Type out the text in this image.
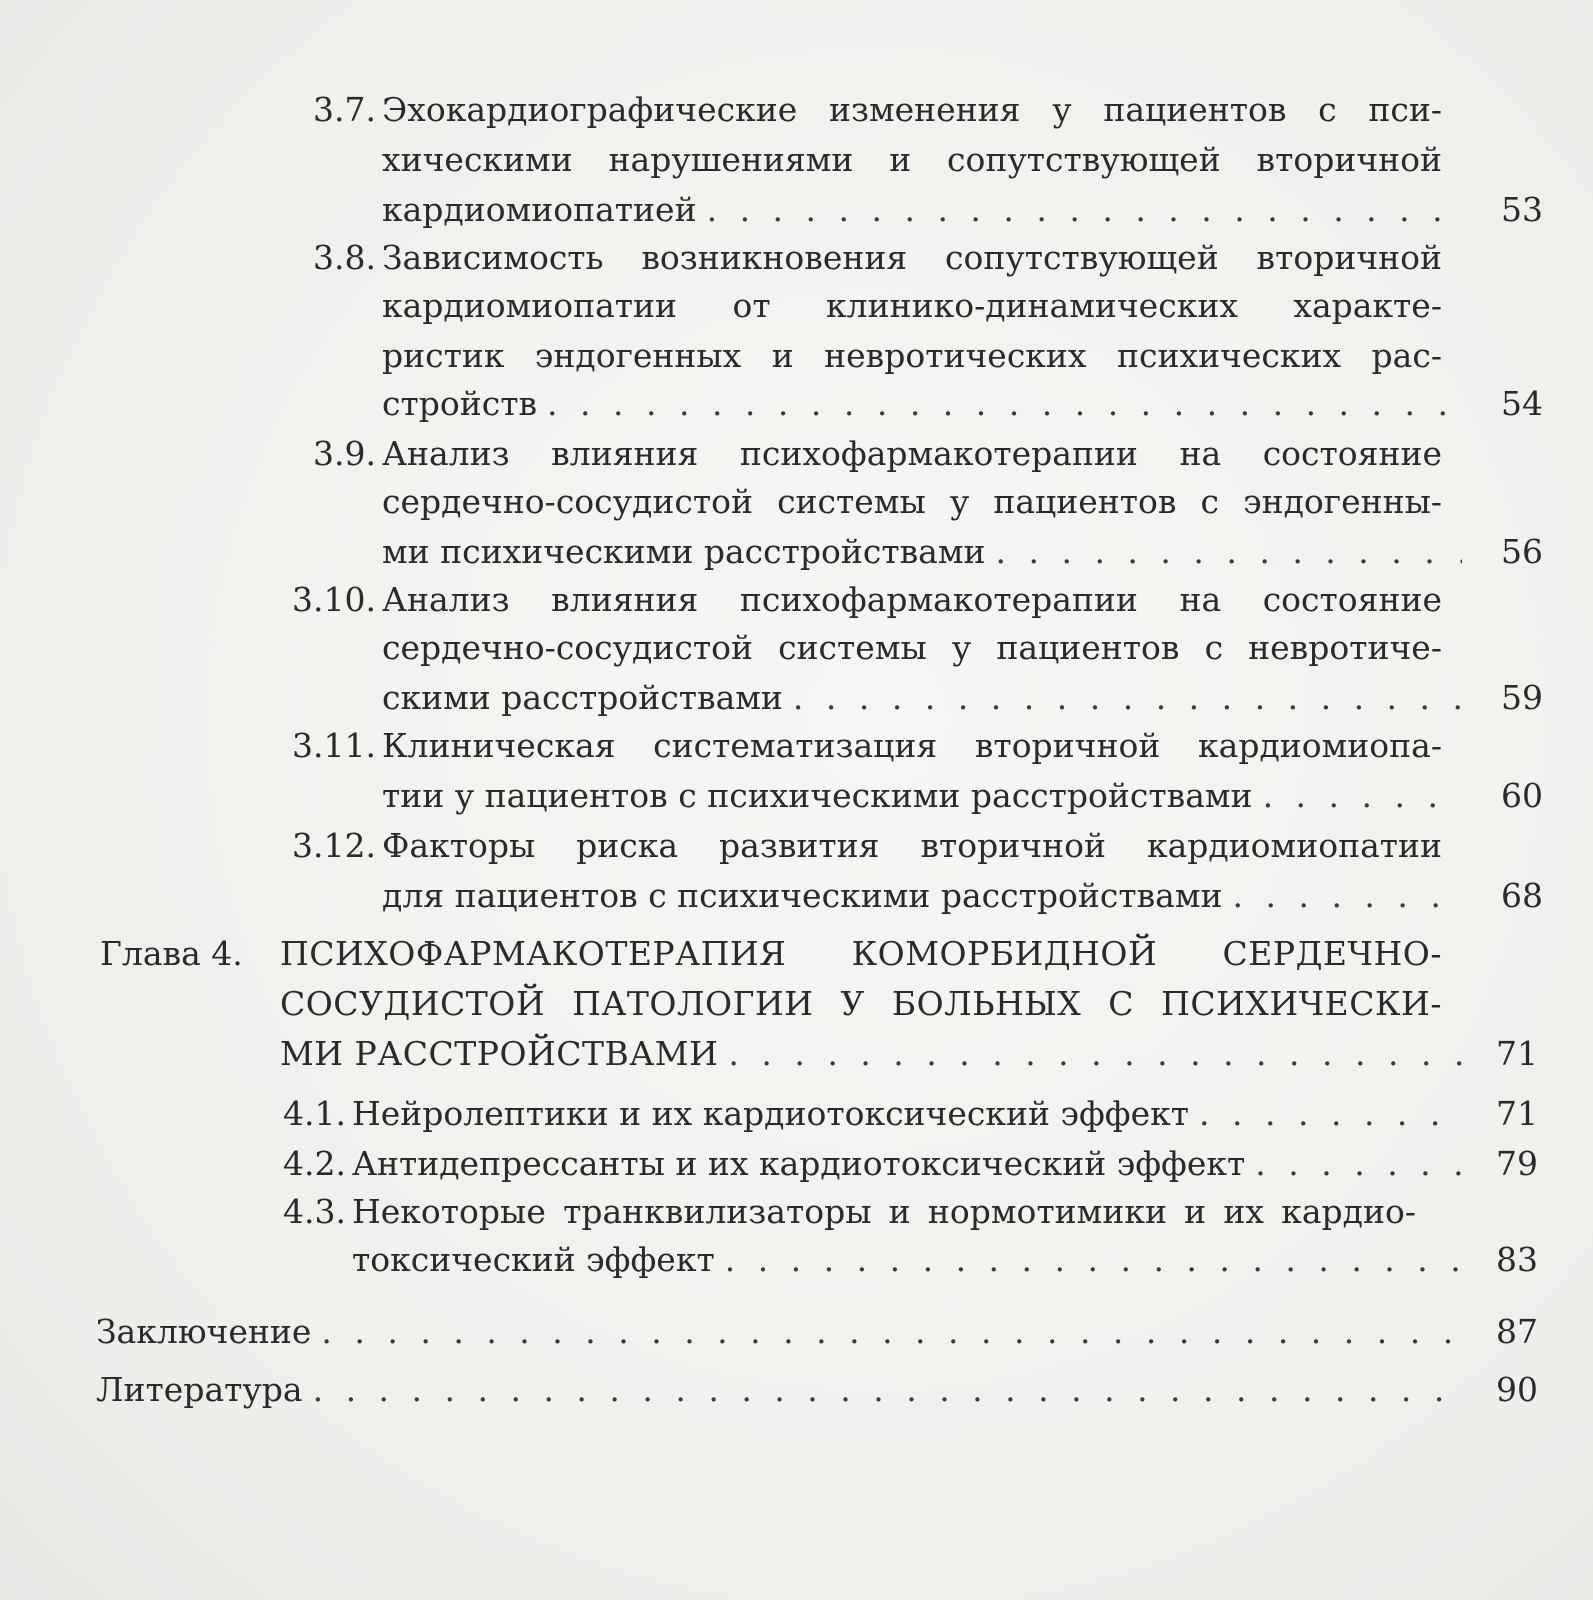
3.7. Эхокардиографические изменения у пациентов с пси-
хическими нарушениями и сопутствующей вторичной
кардиомиопатией . . .	53
3.8. Зависимость возникновения сопутствующей вторичной
кардиомиопатии от клинико-динамических характе-
ристик эндогенных и невротических психических рас-
стройств . . .	54
3.9. Анализ влияния психофармакотерапии на состояние
сердечно-сосудистой системы у пациентов с эндогенны-
ми психическими расстройствами . . .	56
3.10. Анализ влияния психофармакотерапии на состояние
сердечно-сосудистой системы у пациентов с невротиче-
скими расстройствами . . .	59
3.11. Клиническая систематизация вторичной кардиомиопа-
тии у пациентов с психическими расстройствами . . .	60
3.12. Факторы риска развития вторичной кардиомиопатии
для пациентов с психическими расстройствами . . .	68
Глава 4.	ПСИХОФАРМАКОТЕРАПИЯ КОМОРБИДНОЙ СЕРДЕЧНО-
СОСУДИСТОЙ ПАТОЛОГИИ У БОЛЬНЫХ С ПСИХИЧЕСКИ-
МИ РАССТРОЙСТВАМИ . . .	71
4.1. Нейролептики и их кардиотоксический эффект . . .	71
4.2. Антидепрессанты и их кардиотоксический эффект . . .	79
4.3. Некоторые транквилизаторы и нормотимики и их кардио-
токсический эффект . . .	83
Заключение . . .	87
Литература . . .	90
